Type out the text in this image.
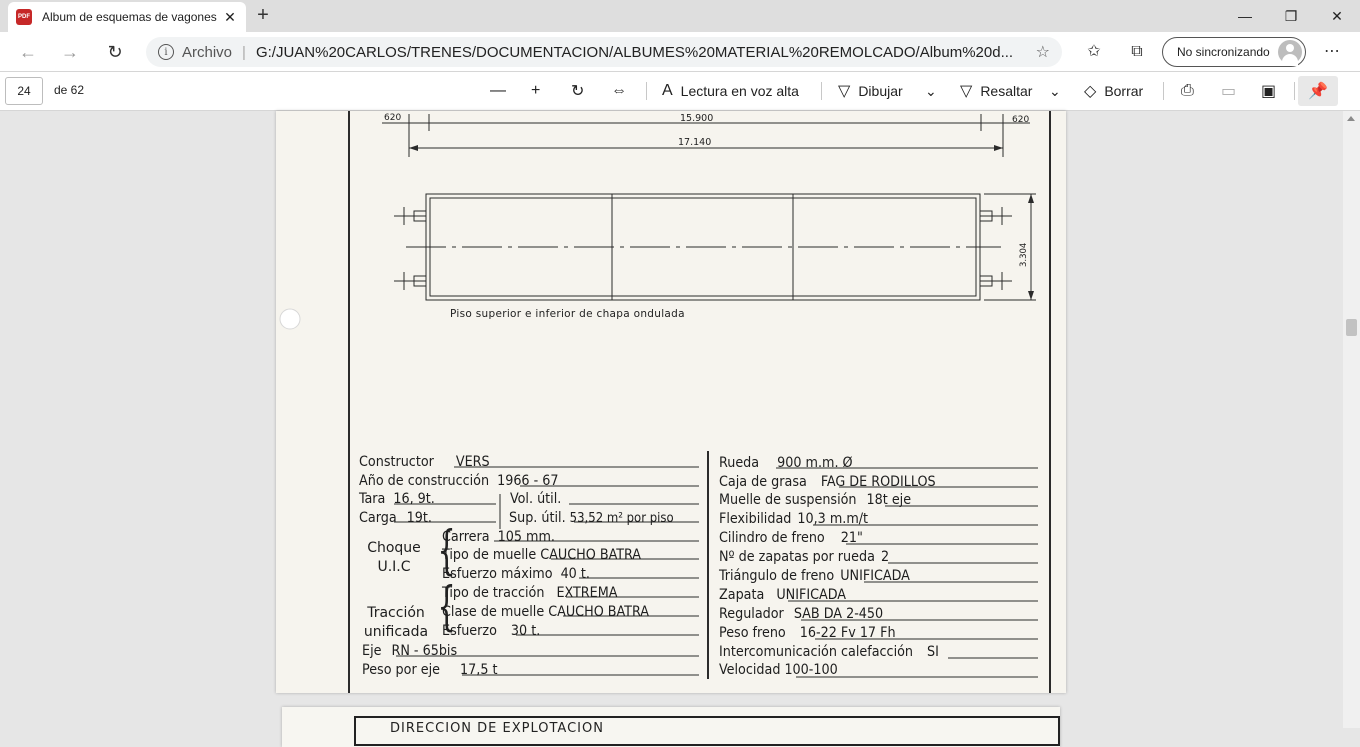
PDF Album de esquemas de vagones ✕ +	—	❐	✕
← → ↻	i Archivo | G:/JUAN%20CARLOS/TRENES/DOCUMENTACION/ALBUMES%20MATERIAL%20REMOLCADO/Album%20d...	☆	✩	⧉	No sincronizando	⋯
24	de 62	— + ↻ ⇔ A Lectura en voz alta ▽ Dibujar ⌄ ▽ Resaltar ⌄ ◇ Borrar ⎙ ▭ ▣ 📌
620	15.900	620
17.140
3.304
Piso superior e inferior de chapa ondulada
Constructor VERS
Año de construcción 1966 - 67
Tara 16, 9t.	Vol. útil.
Carga 19t.	Sup. útil. 53,52 m² por piso
Choque U.I.C {
Carrera 105 mm.
Tipo de muelle CAUCHO BATRA
Esfuerzo máximo 40 t.
Tracción unificada {
Tipo de tracción EXTREMA
Clase de muelle CAUCHO BATRA
Esfuerzo 30 t.
Eje RN - 65bis
Peso por eje 17,5 t
Rueda 900 m.m. Ø
Caja de grasa FAG DE RODILLOS
Muelle de suspensión 18t eje
Flexibilidad 10,3 m.m/t
Cilindro de freno 21"
Nº de zapatas por rueda 2
Triángulo de freno UNIFICADA
Zapata UNIFICADA
Regulador SAB DA 2-450
Peso freno 16-22 Fv 17 Fh
Intercomunicación calefacción SI
Velocidad 100-100
DIRECCION DE EXPLOTACION
